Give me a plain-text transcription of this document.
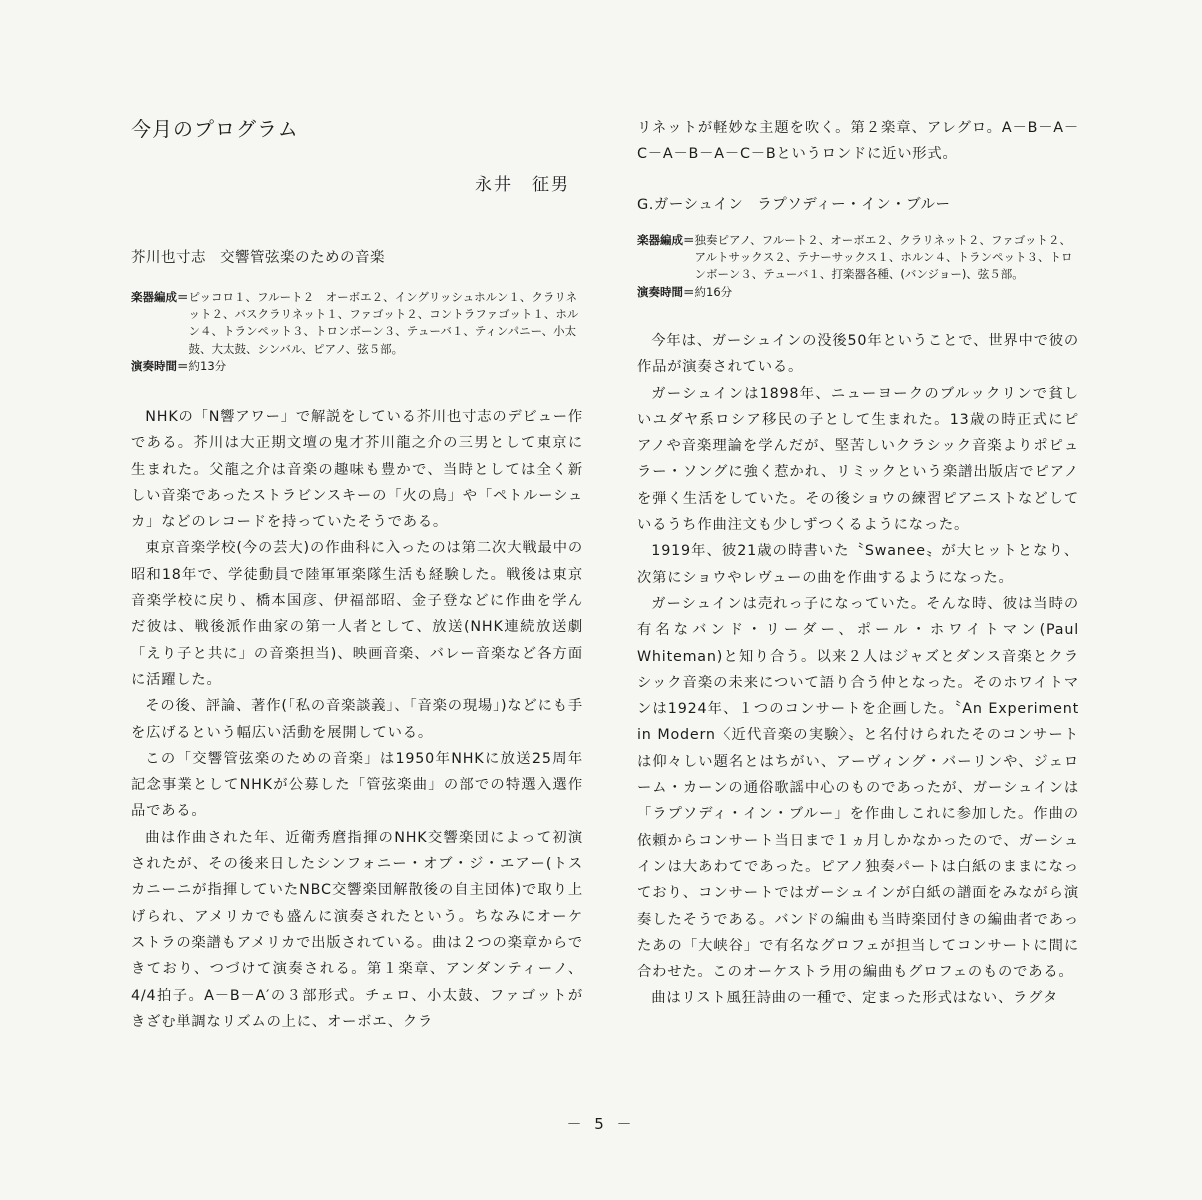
今月のプログラム
永井　征男
芥川也寸志 交響管弦楽のための音楽
楽器編成＝ ピッコロ１、フルート２　オーボエ２、イングリッシュホルン１、クラリネット２、バスクラリネット１、ファゴット２、コントラファゴット１、ホルン４、トランペット３、トロンボーン３、テューバ１、ティンパニー、小太鼓、大太鼓、シンバル、ピアノ、弦５部。
演奏時間＝ 約13分

NHKの「N響アワー」で解説をしている芥川也寸志のデビュー作である。芥川は大正期文壇の鬼才芥川龍之介の三男として東京に生まれた。父龍之介は音楽の趣味も豊かで、当時としては全く新しい音楽であったストラビンスキーの「火の鳥」や「ペトルーシュカ」などのレコードを持っていたそうである。

東京音楽学校(今の芸大)の作曲科に入ったのは第二次大戦最中の昭和18年で、学徒動員で陸軍軍楽隊生活も経験した。戦後は東京音楽学校に戻り、橋本国彦、伊福部昭、金子登などに作曲を学んだ彼は、戦後派作曲家の第一人者として、放送(NHK連続放送劇「えり子と共に」の音楽担当)、映画音楽、バレー音楽など各方面に活躍した。

その後、評論、著作(「私の音楽談義」、「音楽の現場」)などにも手を広げるという幅広い活動を展開している。

この「交響管弦楽のための音楽」は1950年NHKに放送25周年記念事業としてNHKが公募した「管弦楽曲」の部での特選入選作品である。

曲は作曲された年、近衛秀麿指揮のNHK交響楽団によって初演されたが、その後来日したシンフォニー・オブ・ジ・エアー(トスカニーニが指揮していたNBC交響楽団解散後の自主団体)で取り上げられ、アメリカでも盛んに演奏されたという。ちなみにオーケストラの楽譜もアメリカで出版されている。曲は２つの楽章からできており、つづけて演奏される。第１楽章、アンダンティーノ、4/4拍子。A－B－A′の３部形式。チェロ、小太鼓、ファゴットがきざむ単調なリズムの上に、オーボエ、クラ

リネットが軽妙な主題を吹く。第２楽章、アレグロ。A－B－A－C－A－B－A－C－Bというロンドに近い形式。

G.ガーシュイン ラプソディー・イン・ブルー
楽器編成＝ 独奏ピアノ、フルート２、オーボエ２、クラリネット２、ファゴット２、アルトサックス２、テナーサックス１、ホルン４、トランペット３、トロンボーン３、テューバ１、打楽器各種、(バンジョー)、弦５部。
演奏時間＝ 約16分

今年は、ガーシュインの没後50年ということで、世界中で彼の作品が演奏されている。

ガーシュインは1898年、ニューヨークのブルックリンで貧しいユダヤ系ロシア移民の子として生まれた。13歳の時正式にピアノや音楽理論を学んだが、堅苦しいクラシック音楽よりポピュラー・ソングに強く惹かれ、リミックという楽譜出版店でピアノを弾く生活をしていた。その後ショウの練習ピアニストなどしているうち作曲注文も少しずつくるようになった。

1919年、彼21歳の時書いた〝Swanee〟が大ヒットとなり、次第にショウやレヴューの曲を作曲するようになった。

ガーシュインは売れっ子になっていた。そんな時、彼は当時の有名なバンド・リーダー、ポール・ホワイトマン(Paul Whiteman)と知り合う。以来２人はジャズとダンス音楽とクラシック音楽の未来について語り合う仲となった。そのホワイトマンは1924年、１つのコンサートを企画した。〝An Experiment in Modern〈近代音楽の実験〉〟と名付けられたそのコンサートは仰々しい題名とはちがい、アーヴィング・バーリンや、ジェローム・カーンの通俗歌謡中心のものであったが、ガーシュインは「ラプソディ・イン・ブルー」を作曲しこれに参加した。作曲の依頼からコンサート当日まで１ヵ月しかなかったので、ガーシュインは大あわてであった。ピアノ独奏パートは白紙のままになっており、コンサートではガーシュインが白紙の譜面をみながら演奏したそうである。バンドの編曲も当時楽団付きの編曲者であったあの「大峡谷」で有名なグロフェが担当してコンサートに間に合わせた。このオーケストラ用の編曲もグロフェのものである。

曲はリスト風狂詩曲の一種で、定まった形式はない、ラグタ

－ 5 －
